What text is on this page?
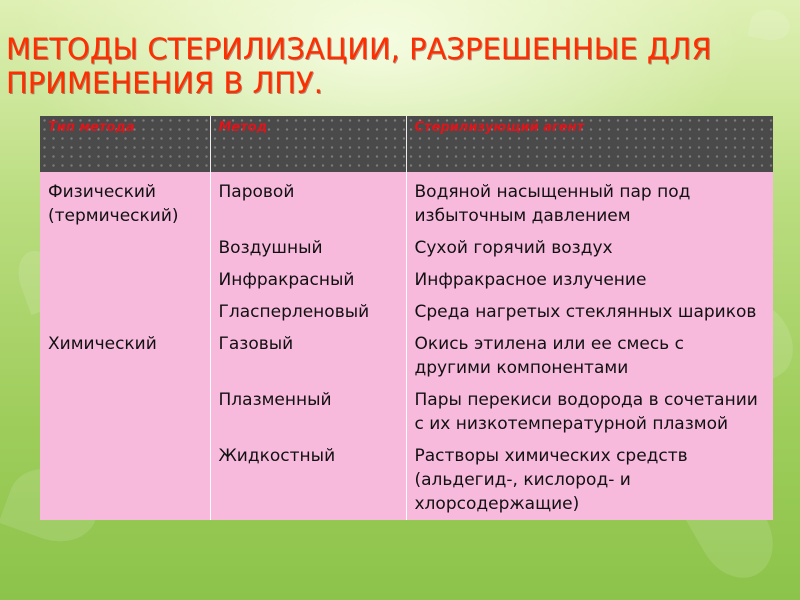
МЕТОДЫ СТЕРИЛИЗАЦИИ, РАЗРЕШЕННЫЕ ДЛЯ ПРИМЕНЕНИЯ В ЛПУ.
Тип метода	Метод	Стерилизующий агент
Физический (термический)	Паровой	Водяной насыщенный пар под избыточным давлением
	Воздушный	Сухой горячий воздух
	Инфракрасный	Инфракрасное излучение
	Гласперленовый	Среда нагретых стеклянных шариков
Химический	Газовый	Окись этилена или ее смесь с другими компонентами
	Плазменный	Пары перекиси водорода в сочетании с их низкотемпературной плазмой
	Жидкостный	Растворы химических средств (альдегид-, кислород- и хлорсодержащие)
